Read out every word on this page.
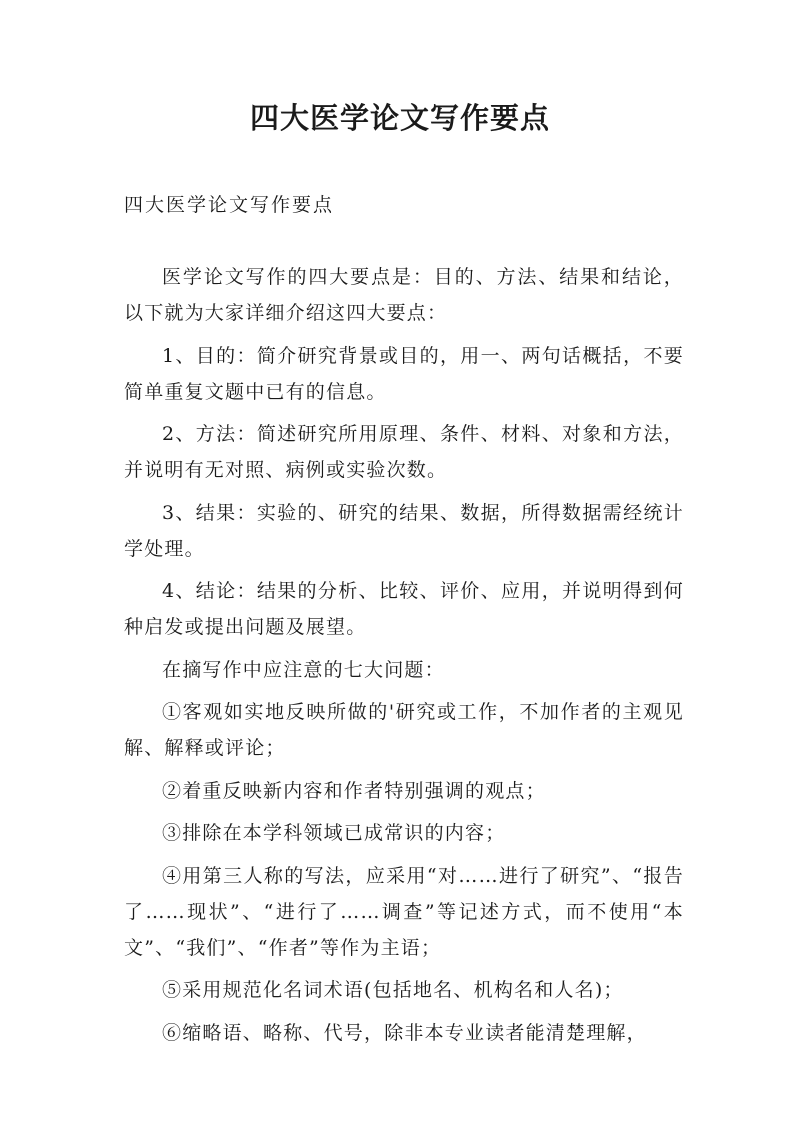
四大医学论文写作要点
四大医学论文写作要点

医学论文写作的四大要点是：目的、方法、结果和结论，以下就为大家详细介绍这四大要点：

1、目的：简介研究背景或目的，用一、两句话概括，不要简单重复文题中已有的信息。

2、方法：简述研究所用原理、条件、材料、对象和方法，并说明有无对照、病例或实验次数。

3、结果：实验的、研究的结果、数据，所得数据需经统计学处理。

4、结论：结果的分析、比较、评价、应用，并说明得到何种启发或提出问题及展望。

在摘写作中应注意的七大问题：

①客观如实地反映所做的'研究或工作，不加作者的主观见解、解释或评论；

②着重反映新内容和作者特别强调的观点；

③排除在本学科领域已成常识的内容；

④用第三人称的写法，应采用“对……进行了研究”、“报告了……现状”、“进行了……调查”等记述方式，而不使用“本文”、“我们”、“作者”等作为主语；

⑤采用规范化名词术语(包括地名、机构名和人名)；

⑥缩略语、略称、代号，除非本专业读者能清楚理解，
